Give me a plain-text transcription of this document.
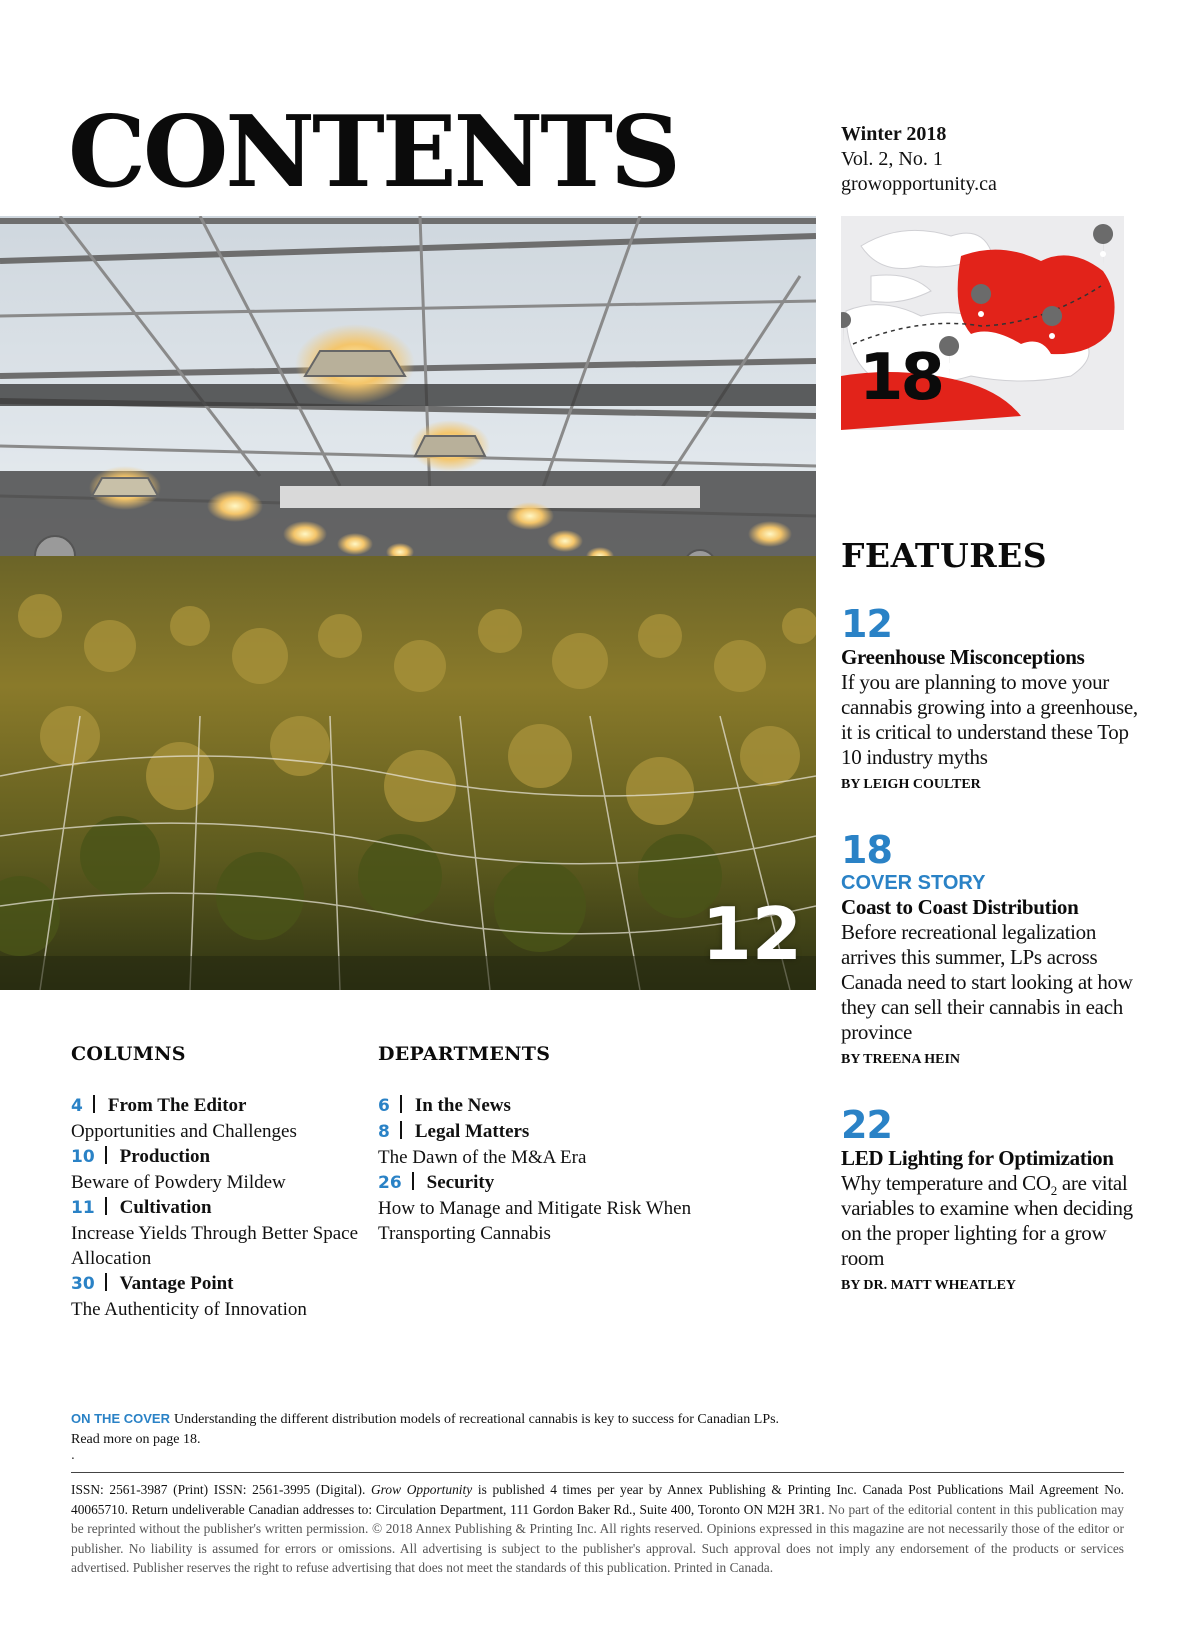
CONTENTS	Winter 2018
Vol. 2, No. 1
growopportunity.ca
12
18
FEATURES
12
Greenhouse Misconceptions
If you are planning to move your cannabis growing into a greenhouse, it is critical to understand these Top 10 industry myths
BY LEIGH COULTER
18
COVER STORY
Coast to Coast Distribution
Before recreational legalization arrives this summer, LPs across Canada need to start looking at how they can sell their cannabis in each province
BY TREENA HEIN
22
LED Lighting for Optimization
Why temperature and $CO_2$ are vital variables to examine when deciding on the proper lighting for a grow room
BY DR. MATT WHEATLEY
COLUMNS
4 From The Editor
Opportunities and Challenges
10 Production
Beware of Powdery Mildew
11 Cultivation
Increase Yields Through Better Space Allocation
30 Vantage Point
The Authenticity of Innovation
DEPARTMENTS
6 In the News
8 Legal Matters
The Dawn of the M&A Era
26 Security
How to Manage and Mitigate Risk When Transporting Cannabis
ON THE COVER Understanding the different distribution models of recreational cannabis is key to success for Canadian LPs. Read more on page 18.
.
ISSN: 2561-3987 (Print) ISSN: 2561-3995 (Digital). Grow Opportunity is published 4 times per year by Annex Publishing & Printing Inc. Canada Post Publications Mail Agreement No. 40065710. Return undeliverable Canadian addresses to: Circulation Department, 111 Gordon Baker Rd., Suite 400, Toronto ON M2H 3R1. No part of the editorial content in this publication may be reprinted without the publisher's written permission. © 2018 Annex Publishing & Printing Inc. All rights reserved. Opinions expressed in this magazine are not necessarily those of the editor or publisher. No liability is assumed for errors or omissions. All advertising is subject to the publisher's approval. Such approval does not imply any endorsement of the products or services advertised. Publisher reserves the right to refuse advertising that does not meet the standards of this publication. Printed in Canada.
